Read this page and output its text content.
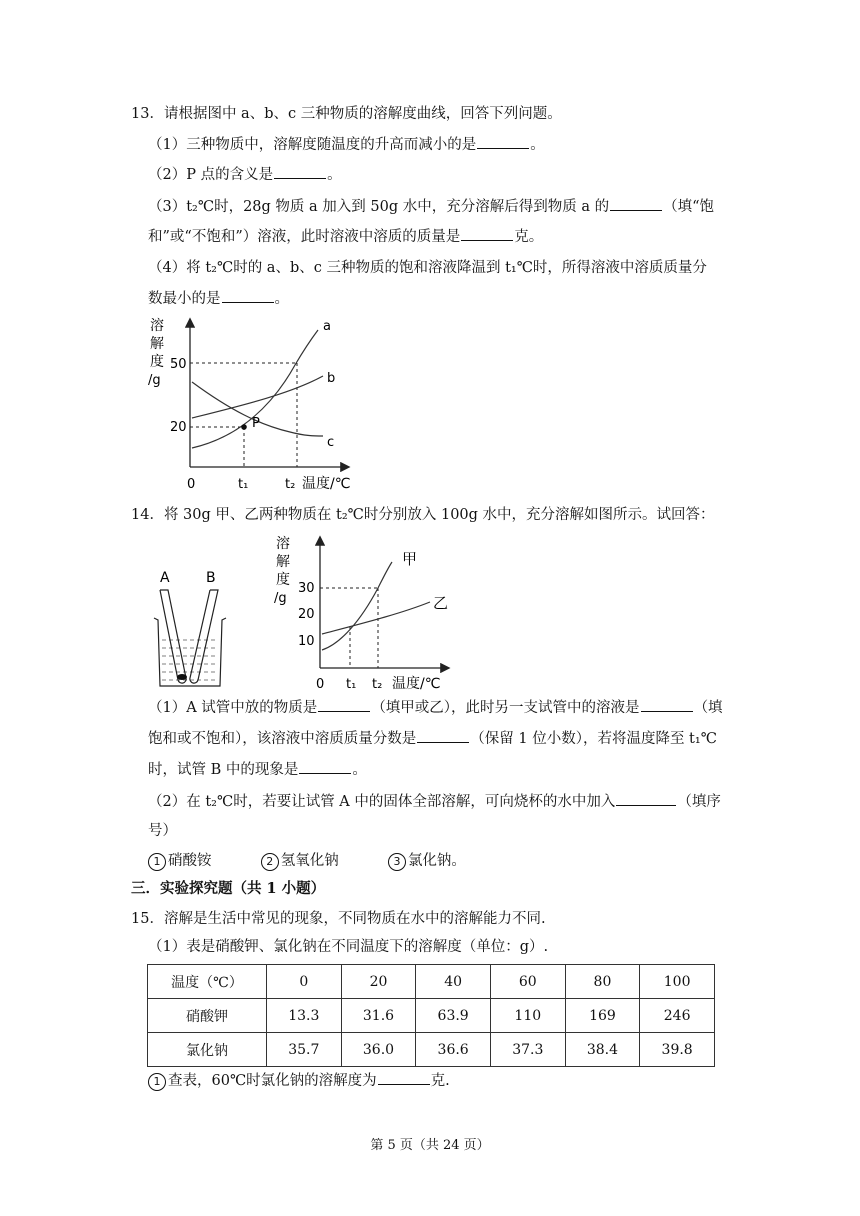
13．请根据图中 a、b、c 三种物质的溶解度曲线，回答下列问题。
（1）三种物质中，溶解度随温度的升高而减小的是	。
（2）P 点的含义是	。
（3）t₂℃时，28g 物质 a 加入到 50g 水中，充分溶解后得到物质 a 的	（填“饱
和”或“不饱和”）溶液，此时溶液中溶质的质量是	克。
（4）将 t₂℃时的 a、b、c 三种物质的饱和溶液降温到 t₁℃时，所得溶液中溶质质量分
数最小的是	。
溶
解
度
/g
50
20
0	t₁	t₂ 温度/℃
P
a
b
c
14．将 30g 甲、乙两种物质在 t₂℃时分别放入 100g 水中，充分溶解如图所示。试回答：
A	B
溶
解
度
/g
30
20
10
0 t₁ t₂ 温度/℃
甲
乙
（1）A 试管中放的物质是	（填甲或乙），此时另一支试管中的溶液是	（填
饱和或不饱和），该溶液中溶质质量分数是	（保留 1 位小数），若将温度降至 t₁℃
时，试管 B 中的现象是	。
（2）在 t₂℃时，若要让试管 A 中的固体全部溶解，可向烧杯的水中加入	（填序
号）
1 硝酸铵	2 氢氧化钠	3 氯化钠。
三．实验探究题（共 1 小题）
15．溶解是生活中常见的现象，不同物质在水中的溶解能力不同.
（1）表是硝酸钾、氯化钠在不同温度下的溶解度（单位：g）.
温度（℃）	0	20	40	60	80	100
硝酸钾	13.3	31.6	63.9	110	169	246
氯化钠	35.7	36.0	36.6	37.3	38.4	39.8
1 查表，60℃时氯化钠的溶解度为	克.
第 5 页（共 24 页）
